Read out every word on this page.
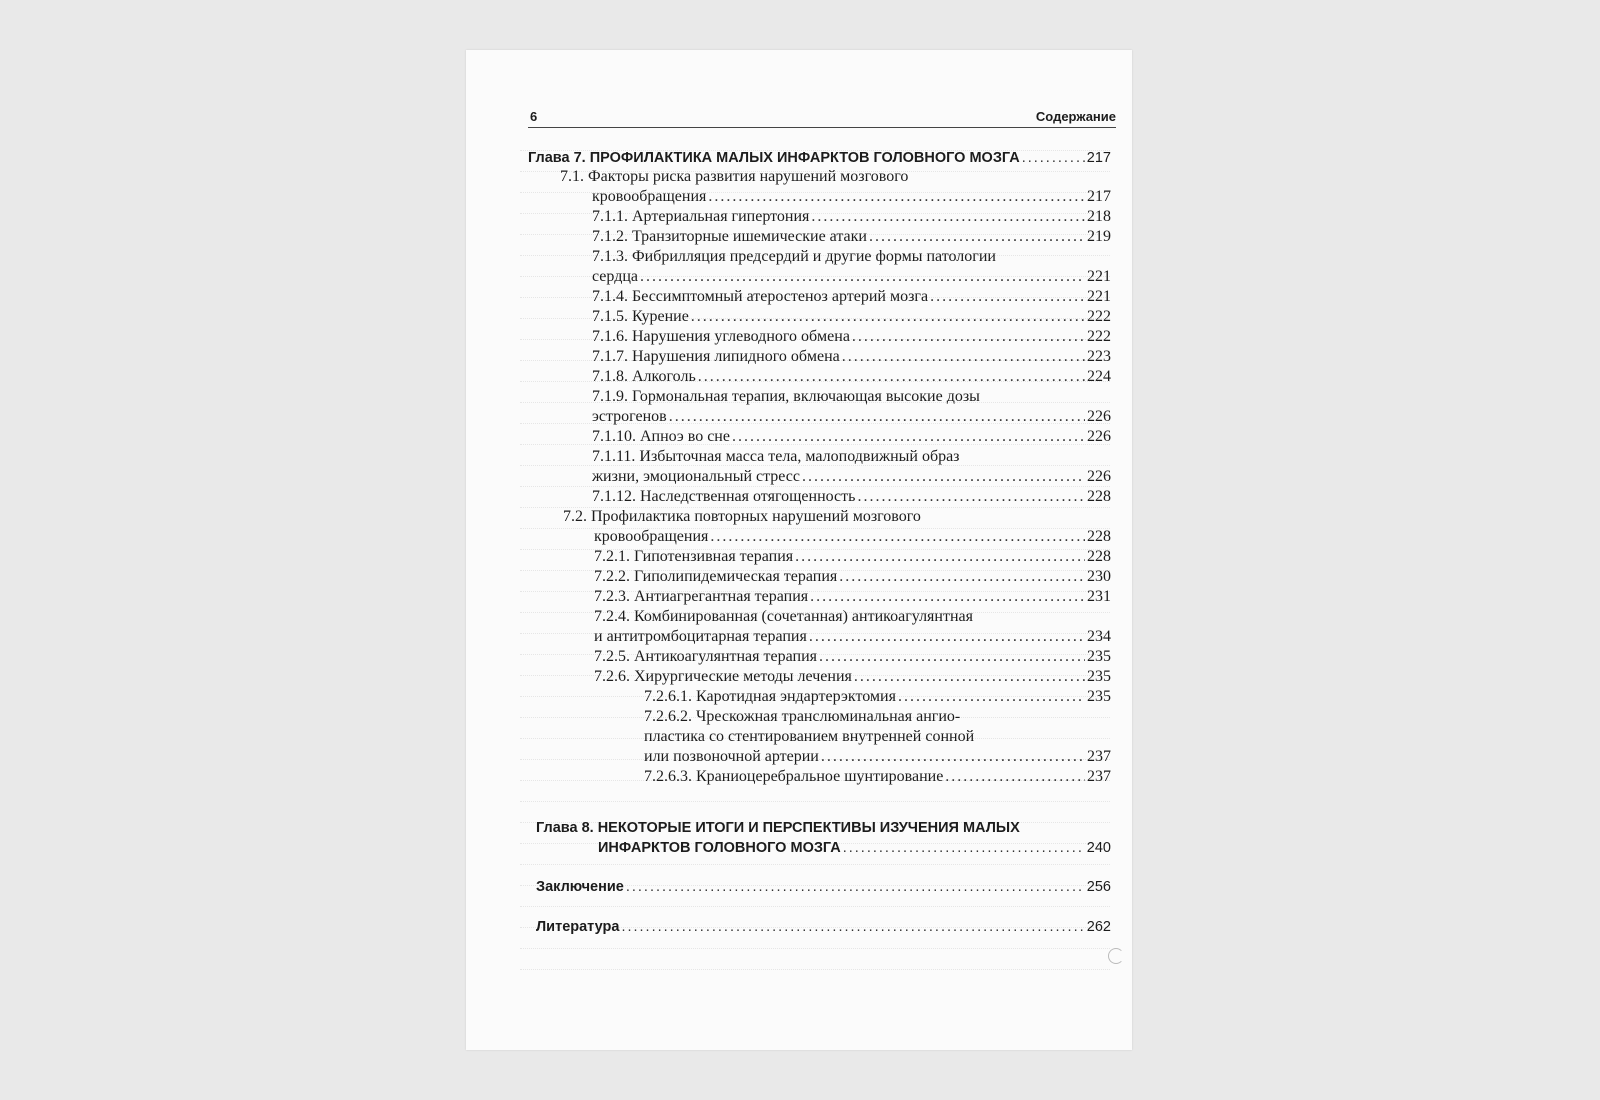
6	Содержание
Глава 7. ПРОФИЛАКТИКА МАЛЫХ ИНФАРКТОВ ГОЛОВНОГО МОЗГА .....	217
7.1. Факторы риска развития нарушений мозгового
кровообращения .....	217
7.1.1. Артериальная гипертония .....	218
7.1.2. Транзиторные ишемические атаки .....	219
7.1.3. Фибрилляция предсердий и другие формы патологии
сердца .....	221
7.1.4. Бессимптомный атеростеноз артерий мозга .....	221
7.1.5. Курение .....	222
7.1.6. Нарушения углеводного обмена .....	222
7.1.7. Нарушения липидного обмена .....	223
7.1.8. Алкоголь .....	224
7.1.9. Гормональная терапия, включающая высокие дозы
эстрогенов .....	226
7.1.10. Апноэ во сне .....	226
7.1.11. Избыточная масса тела, малоподвижный образ
жизни, эмоциональный стресс .....	226
7.1.12. Наследственная отягощенность .....	228
7.2. Профилактика повторных нарушений мозгового
кровообращения .....	228
7.2.1. Гипотензивная терапия .....	228
7.2.2. Гиполипидемическая терапия .....	230
7.2.3. Антиагрегантная терапия .....	231
7.2.4. Комбинированная (сочетанная) антикоагулянтная
и антитромбоцитарная терапия .....	234
7.2.5. Антикоагулянтная терапия .....	235
7.2.6. Хирургические методы лечения .....	235
7.2.6.1. Каротидная эндартерэктомия .....	235
7.2.6.2. Чрескожная транслюминальная ангио-
пластика со стентированием внутренней сонной
или позвоночной артерии .....	237
7.2.6.3. Краниоцеребральное шунтирование .....	237
Глава 8. НЕКОТОРЫЕ ИТОГИ И ПЕРСПЕКТИВЫ ИЗУЧЕНИЯ МАЛЫХ
ИНФАРКТОВ ГОЛОВНОГО МОЗГА .....	240
Заключение .....	256
Литература .....	262
